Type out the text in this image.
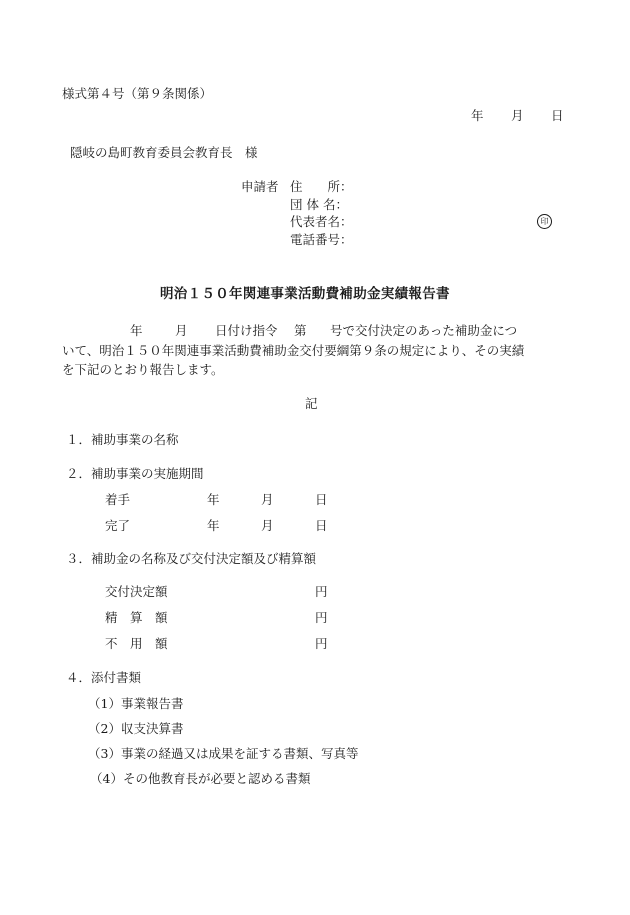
様式第４号（第９条関係）
年 月 日
隠岐の島町教育委員会教育長　様
申請者 住　　所：
団 体 名：
代表者名：	印
電話番号：
明治１５０年関連事業活動費補助金実績報告書
年	月 日付け指令 第 号で交付決定のあった補助金につ
いて、明治１５０年関連事業活動費補助金交付要綱第９条の規定により、その実績
を下記のとおり報告します。
記
１．補助事業の名称
２．補助事業の実施期間
着手	年	月	日
完了	年	月	日
３．補助金の名称及び交付決定額及び精算額
交付決定額	円
精　算　額	円
不　用　額	円
４．添付書類
（1）事業報告書
（2）収支決算書
（3）事業の経過又は成果を証する書類、写真等
（4）その他教育長が必要と認める書類
